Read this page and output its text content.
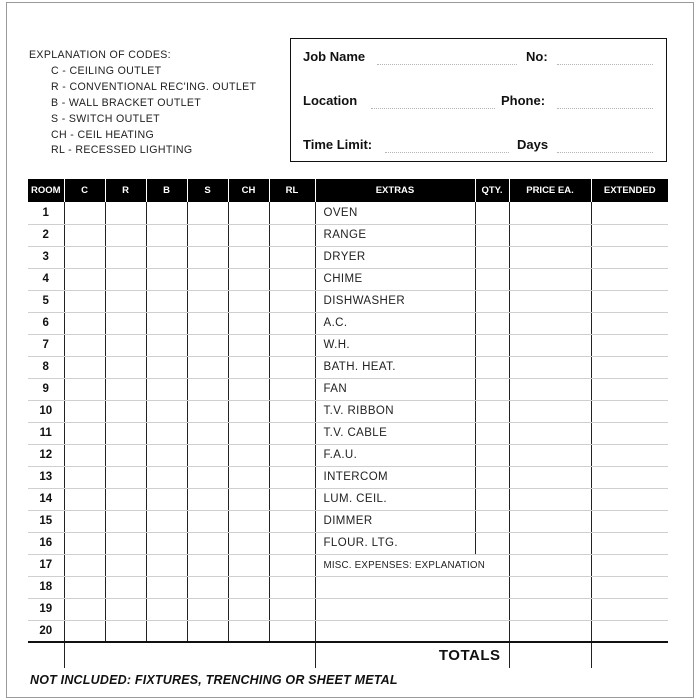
EXPLANATION OF CODES:
C - CEILING OUTLET
R - CONVENTIONAL REC'ING. OUTLET
B - WALL BRACKET OUTLET
S - SWITCH OUTLET
CH - CEIL HEATING
RL - RECESSED LIGHTING
Job Name	No:
Location	Phone:
Time Limit:	Days
ROOM	C	R	B	S	CH	RL	EXTRAS	QTY.	PRICE EA.	EXTENDED
1							OVEN			
2							RANGE			
3							DRYER			
4							CHIME			
5							DISHWASHER			
6							A.C.			
7							W.H.			
8							BATH. HEAT.			
9							FAN			
10							T.V. RIBBON			
11							T.V. CABLE			
12							F.A.U.			
13							INTERCOM			
14							LUM. CEIL.			
15							DIMMER			
16							FLOUR. LTG.			
17							MISC. EXPENSES: EXPLANATION			
18										
19										
20										
							TOTALS			
NOT INCLUDED: FIXTURES, TRENCHING OR SHEET METAL
